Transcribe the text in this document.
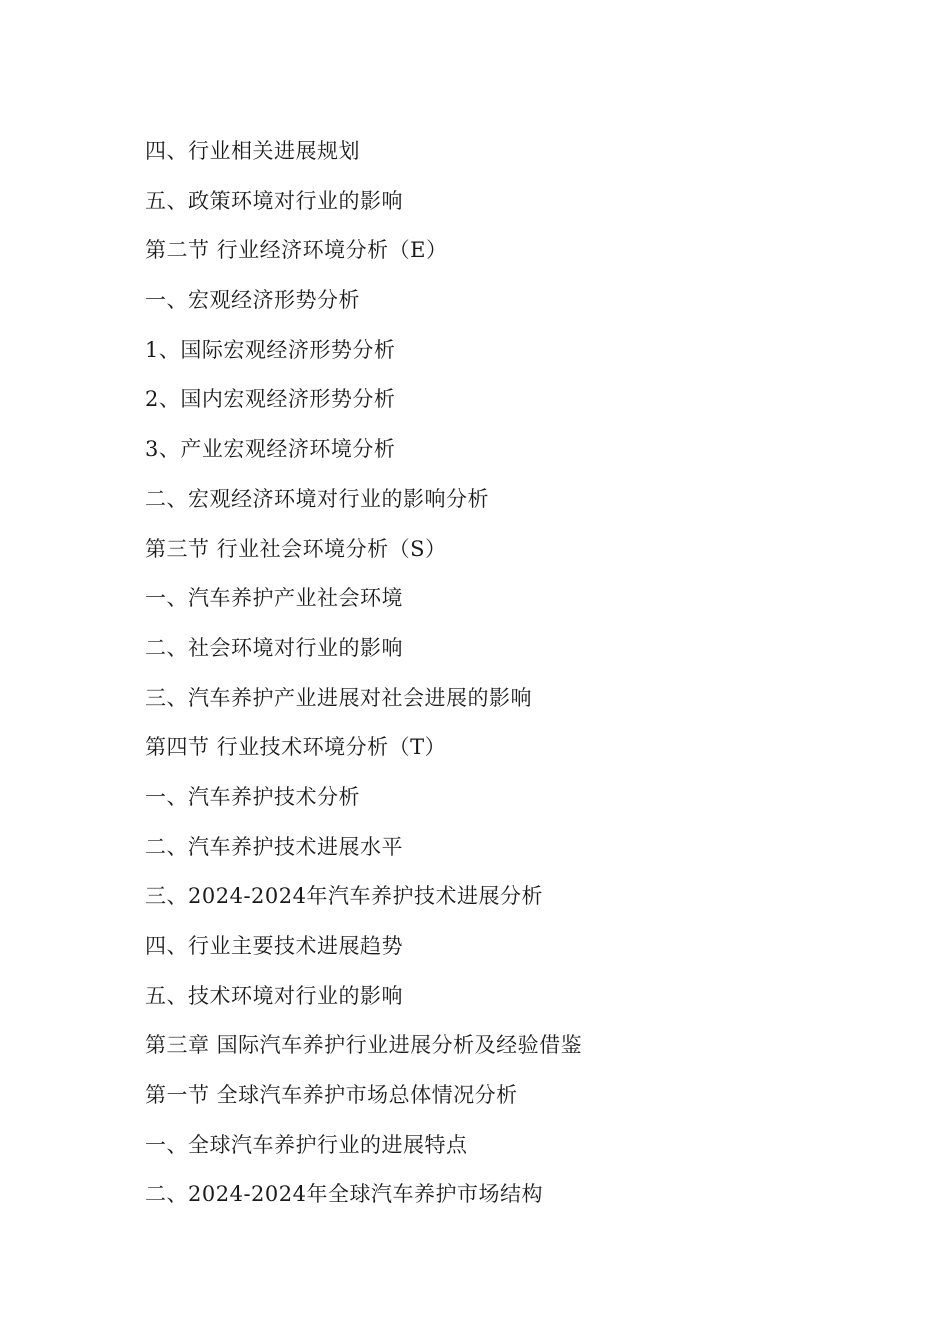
四、行业相关进展规划
五、政策环境对行业的影响
第二节 行业经济环境分析（E）
一、宏观经济形势分析
1、国际宏观经济形势分析
2、国内宏观经济形势分析
3、产业宏观经济环境分析
二、宏观经济环境对行业的影响分析
第三节 行业社会环境分析（S）
一、汽车养护产业社会环境
二、社会环境对行业的影响
三、汽车养护产业进展对社会进展的影响
第四节 行业技术环境分析（T）
一、汽车养护技术分析
二、汽车养护技术进展水平
三、2024-2024年汽车养护技术进展分析
四、行业主要技术进展趋势
五、技术环境对行业的影响
第三章 国际汽车养护行业进展分析及经验借鉴
第一节 全球汽车养护市场总体情况分析
一、全球汽车养护行业的进展特点
二、2024-2024年全球汽车养护市场结构
